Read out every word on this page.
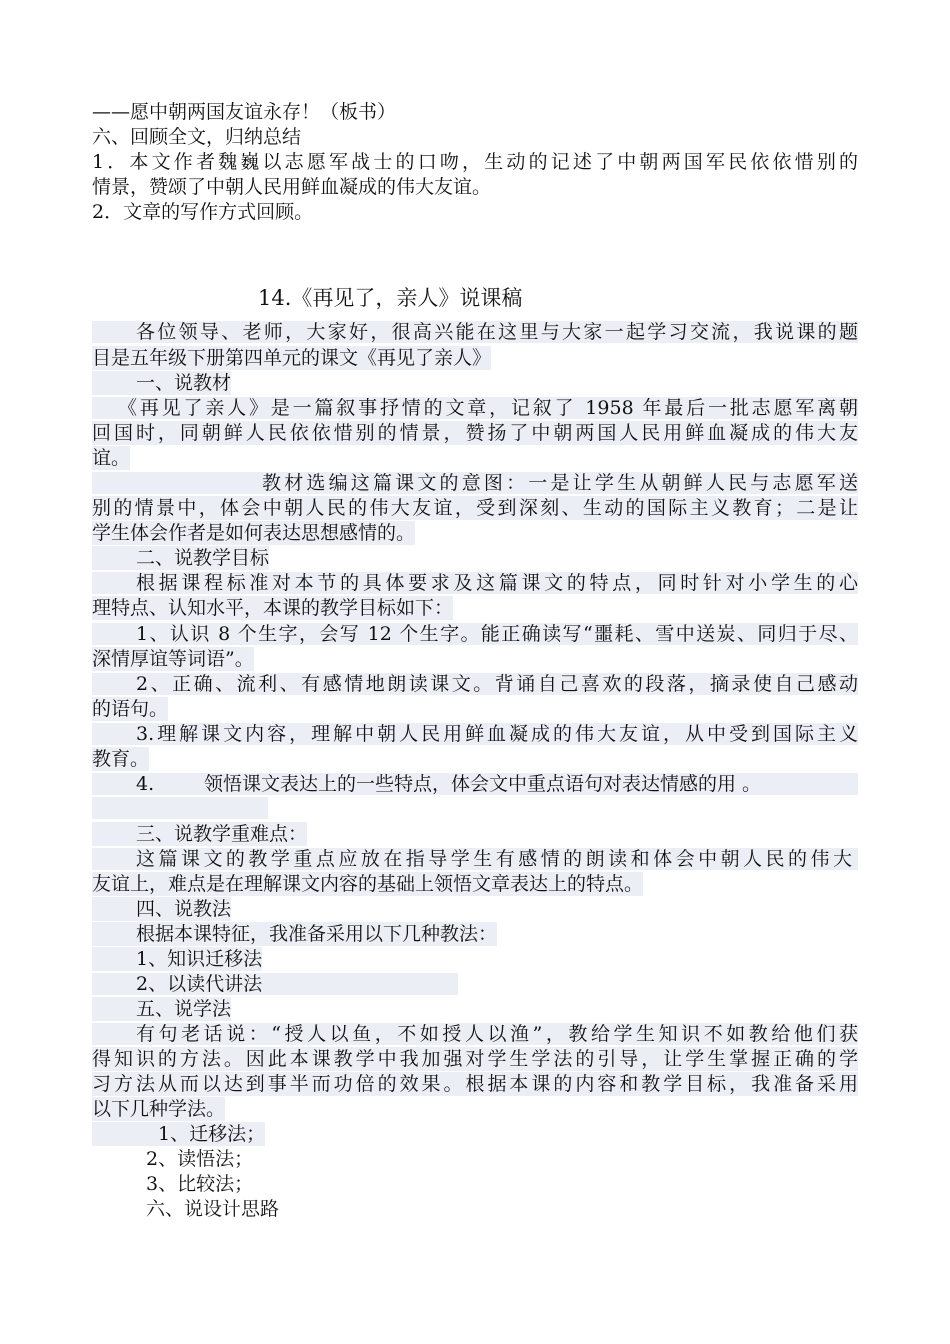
——愿中朝两国友谊永存！（板书）
六、回顾全文，归纳总结
1．本文作者魏巍以志愿军战士的口吻，生动的记述了中朝两国军民依依惜别的
情景，赞颂了中朝人民用鲜血凝成的伟大友谊。
2．文章的写作方式回顾。
14.《再见了，亲人》说课稿
各位领导、老师，大家好，很高兴能在这里与大家一起学习交流，我说课的题
目是五年级下册第四单元的课文《再见了亲人》
一、说教材
《再见了亲人》是一篇叙事抒情的文章，记叙了 1958 年最后一批志愿军离朝
回国时，同朝鲜人民依依惜别的情景，赞扬了中朝两国人民用鲜血凝成的伟大友
谊。
教材选编这篇课文的意图：一是让学生从朝鲜人民与志愿军送
别的情景中，体会中朝人民的伟大友谊，受到深刻、生动的国际主义教育；二是让
学生体会作者是如何表达思想感情的。
二、说教学目标
根据课程标准对本节的具体要求及这篇课文的特点，同时针对小学生的心
理特点、认知水平，本课的教学目标如下：
1、认识 8 个生字，会写 12 个生字。能正确读写“噩耗、雪中送炭、同归于尽、
深情厚谊等词语”。
2、正确、流利、有感情地朗读课文。背诵自己喜欢的段落，摘录使自己感动
的语句。
3.理解课文内容，理解中朝人民用鲜血凝成的伟大友谊，从中受到国际主义
教育。
4.	领悟课文表达上的一些特点，体会文中重点语句对表达情感的用 。
三、说教学重难点：
这篇课文的教学重点应放在指导学生有感情的朗读和体会中朝人民的伟大
友谊上，难点是在理解课文内容的基础上领悟文章表达上的特点。
四、说教法
根据本课特征，我准备采用以下几种教法：
1、知识迁移法
2、以读代讲法
五、说学法
有句老话说：“授人以鱼，不如授人以渔”，教给学生知识不如教给他们获
得知识的方法。因此本课教学中我加强对学生学法的引导，让学生掌握正确的学
习方法从而以达到事半而功倍的效果。根据本课的内容和教学目标，我准备采用
以下几种学法。
1、迁移法；
2、读悟法；
3、比较法；
六、说设计思路
